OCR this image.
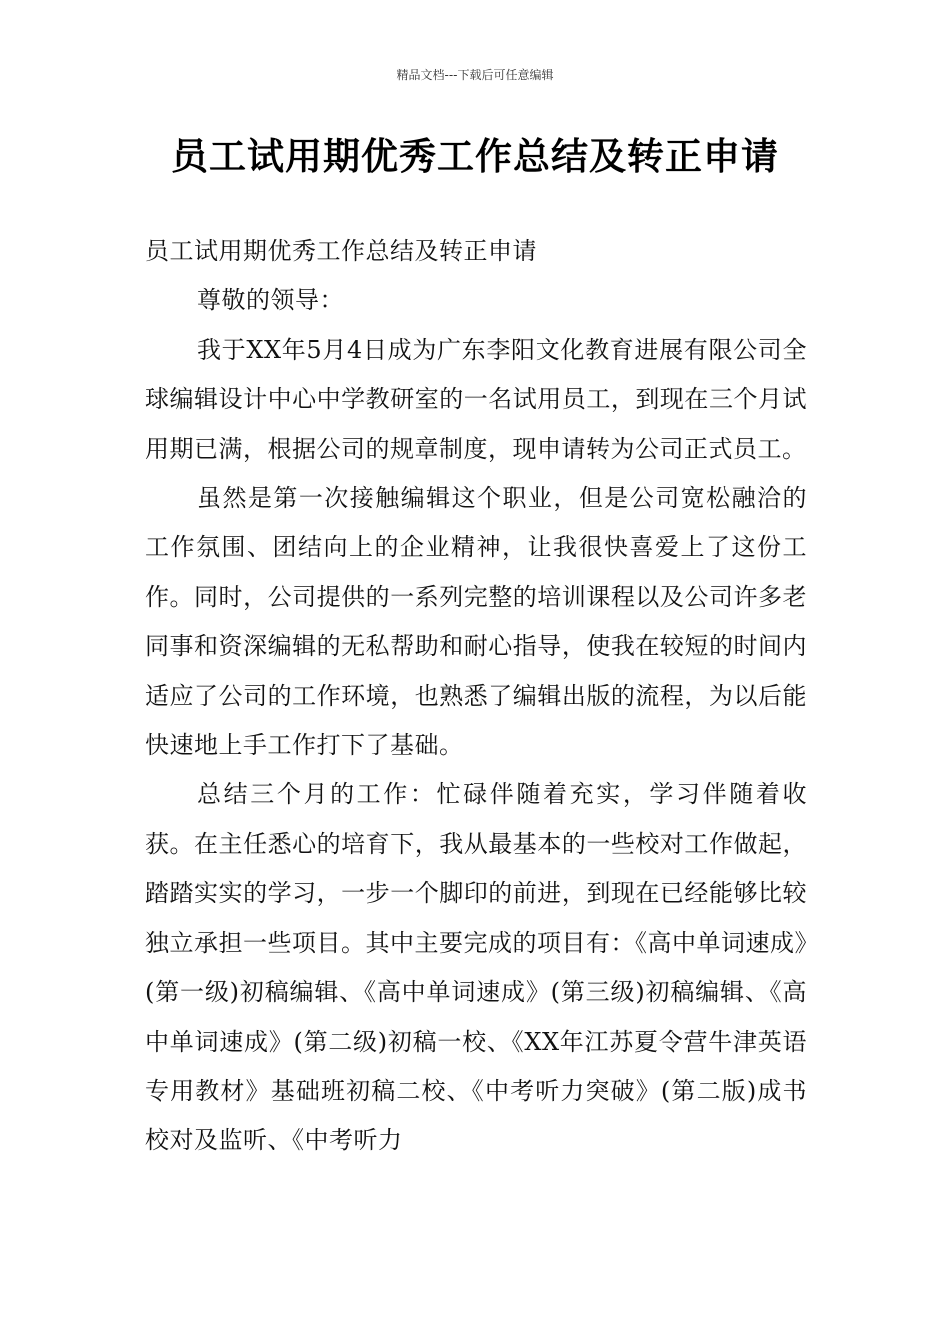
精品文档---下载后可任意编辑
员工试用期优秀工作总结及转正申请

员工试用期优秀工作总结及转正申请

尊敬的领导：

我于XX年5月4日成为广东李阳文化教育进展有限公司全球编辑设计中心中学教研室的一名试用员工，到现在三个月试用期已满，根据公司的规章制度，现申请转为公司正式员工。

虽然是第一次接触编辑这个职业，但是公司宽松融洽的工作氛围、团结向上的企业精神，让我很快喜爱上了这份工作。同时，公司提供的一系列完整的培训课程以及公司许多老同事和资深编辑的无私帮助和耐心指导，使我在较短的时间内适应了公司的工作环境，也熟悉了编辑出版的流程，为以后能快速地上手工作打下了基础。

总结三个月的工作：忙碌伴随着充实，学习伴随着收获。在主任悉心的培育下，我从最基本的一些校对工作做起，踏踏实实的学习，一步一个脚印的前进，到现在已经能够比较独立承担一些项目。其中主要完成的项目有：《高中单词速成》(第一级)初稿编辑、《高中单词速成》(第三级)初稿编辑、《高中单词速成》(第二级)初稿一校、《XX年江苏夏令营牛津英语专用教材》基础班初稿二校、《中考听力突破》(第二版)成书校对及监听、《中考听力
